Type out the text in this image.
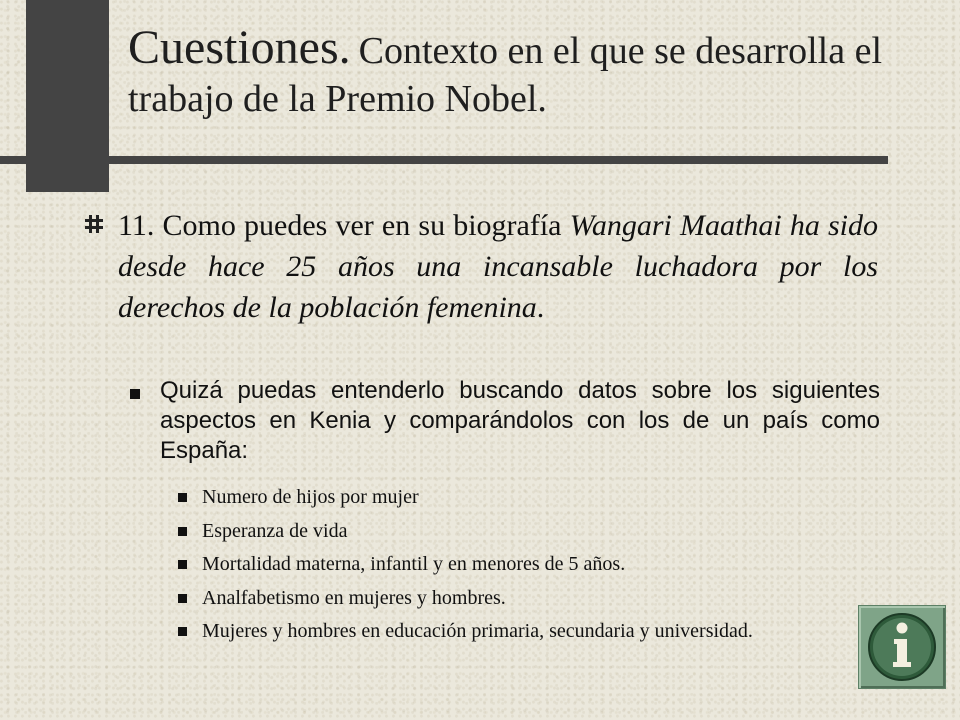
Cuestiones. Contexto en el que se desarrolla el trabajo de la Premio Nobel.
11. Como puedes ver en su biografía Wangari Maathai ha sido desde hace 25 años una incansable luchadora por los derechos de la población femenina.
Quizá puedas entenderlo buscando datos sobre los siguientes aspectos en Kenia y comparándolos con los de un país como España:
Numero de hijos por mujer
Esperanza de vida
Mortalidad materna, infantil y en menores de 5 años.
Analfabetismo en mujeres y hombres.
Mujeres y hombres en educación primaria, secundaria y universidad.
